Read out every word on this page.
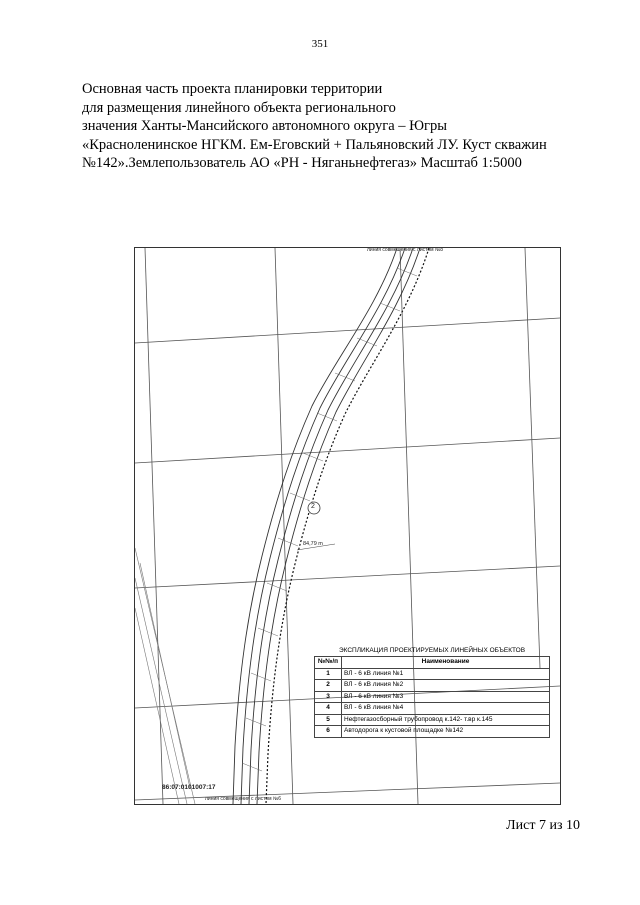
351
Основная часть проекта планировки территории
для размещения линейного объекта регионального
значения Ханты-Мансийского автономного округа – Югры
«Красноленинское НГКМ. Ем-Еговский + Пальяновский ЛУ. Куст скважин
№142».Землепользователь АО «РН - Няганьнефтегаз» Масштаб 1:5000
линия совмещения с листом №8
2
84,79 m
86:07:0101007:17
линия совмещения с листом №6
ЭКСПЛИКАЦИЯ ПРОЕКТИРУЕМЫХ ЛИНЕЙНЫХ ОБЪЕКТОВ
№№/п	Наименование
1	ВЛ - 6 кВ линия №1
2	ВЛ - 6 кВ линия №2
3	ВЛ - 6 кВ линия №3
4	ВЛ - 6 кВ линия №4
5	Нефтегазосборный трубопровод к.142- т.вр к.145
6	Автодорога к кустовой площадке №142
Лист 7 из 10
